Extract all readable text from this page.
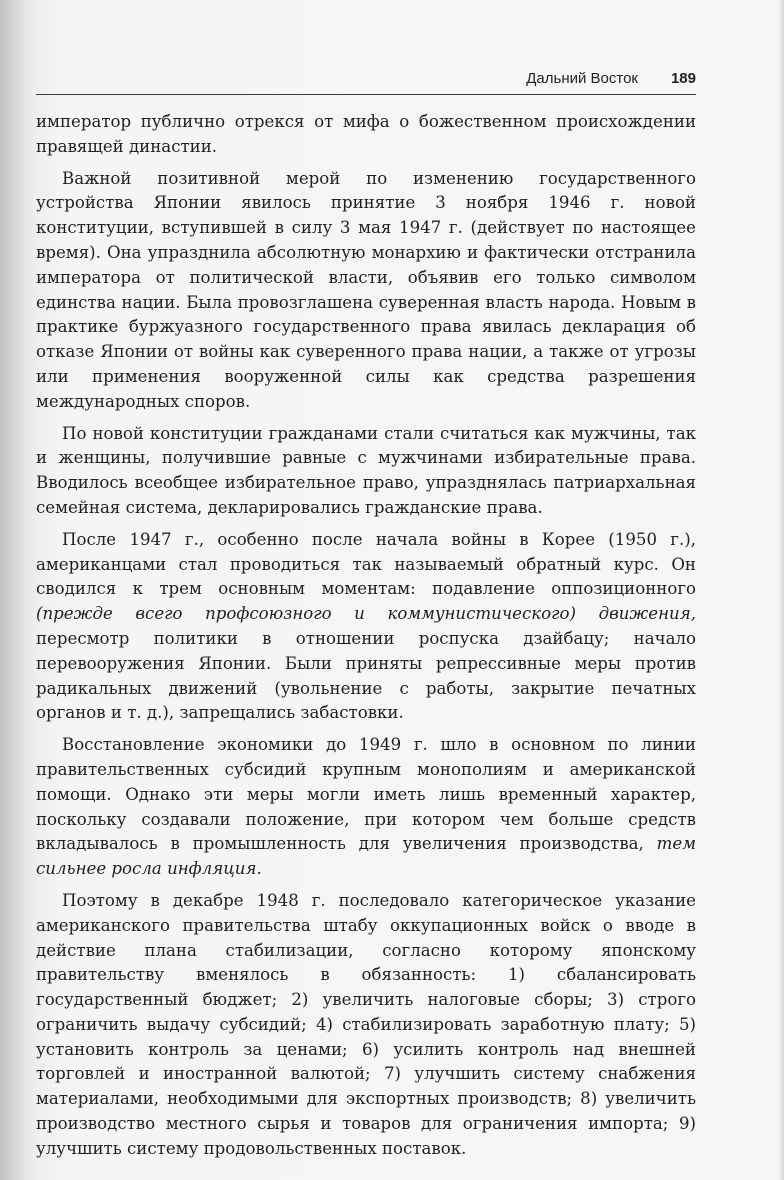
Дальний Восток 189

император публично отрекся от мифа о божественном происхождении правящей династии.

Важной позитивной мерой по изменению государственного устройства Японии явилось принятие 3 ноября 1946 г. новой конституции, вступившей в силу 3 мая 1947 г. (действует по настоящее время). Она упразднила абсолютную монархию и фактически отстранила императора от политической власти, объявив его только символом единства нации. Была провозглашена суверенная власть народа. Новым в практике буржуазного государственного права явилась декларация об отказе Японии от войны как суверенного права нации, а также от угрозы или применения вооруженной силы как средства разрешения международных споров.

По новой конституции гражданами стали считаться как мужчины, так и женщины, получившие равные с мужчинами избирательные права. Вводилось всеобщее избирательное право, упразднялась патриархальная семейная система, декларировались гражданские права.

После 1947 г., особенно после начала войны в Корее (1950 г.), американцами стал проводиться так называемый обратный курс. Он сводился к трем основным моментам: подавление оппозиционного (прежде всего профсоюзного и коммунистического) движения, пересмотр политики в отношении роспуска дзайбацу; начало перевооружения Японии. Были приняты репрессивные меры против радикальных движений (увольнение с работы, закрытие печатных органов и т. д.), запрещались забастовки.

Восстановление экономики до 1949 г. шло в основном по линии правительственных субсидий крупным монополиям и американской помощи. Однако эти меры могли иметь лишь временный характер, поскольку создавали положение, при котором чем больше средств вкладывалось в промышленность для увеличения производства, тем сильнее росла инфляция.

Поэтому в декабре 1948 г. последовало категорическое указание американского правительства штабу оккупационных войск о вводе в действие плана стабилизации, согласно которому японскому правительству вменялось в обязанность: 1) сбалансировать государственный бюджет; 2) увеличить налоговые сборы; 3) строго ограничить выдачу субсидий; 4) стабилизировать заработную плату; 5) установить контроль за ценами; 6) усилить контроль над внешней торговлей и иностранной валютой; 7) улучшить систему снабжения материалами, необходимыми для экспортных производств; 8) увеличить производство местного сырья и товаров для ограничения импорта; 9) улучшить систему продовольственных поставок.
